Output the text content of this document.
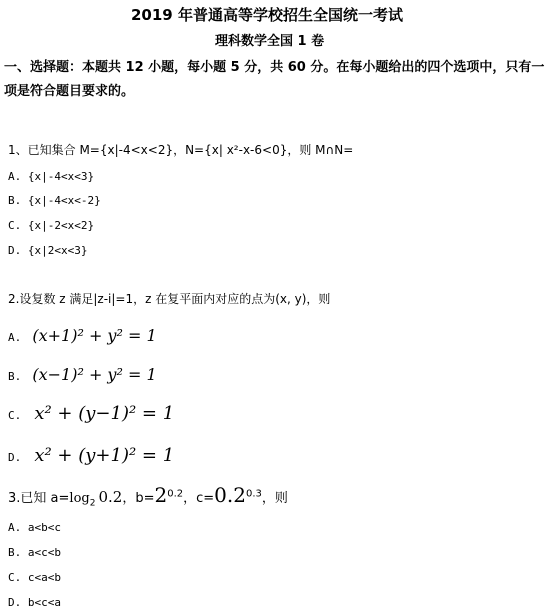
2019 年普通高等学校招生全国统一考试
理科数学全国 1 卷
一、选择题：本题共 12 小题，每小题 5 分，共 60 分。在每小题给出的四个选项中，只有一
项是符合题目要求的。
1、已知集合 M={x|-4<x<2}，N={x| x²-x-6<0}，则 M∩N=
A. {x|-4<x<3}
B. {x|-4<x<-2}
C. {x|-2<x<2}
D. {x|2<x<3}
2.设复数 z 满足|z-i|=1，z 在复平面内对应的点为(x, y)，则
A. (x+1)² + y² = 1
B. (x−1)² + y² = 1
C. x² + (y−1)² = 1
D. x² + (y+1)² = 1
3.已知 $a=\log_2$ 0.2，$b=2^{0.2}$，$c=0.2^{0.3}$，则
A. a<b<c
B. a<c<b
C. c<a<b
D. b<c<a
